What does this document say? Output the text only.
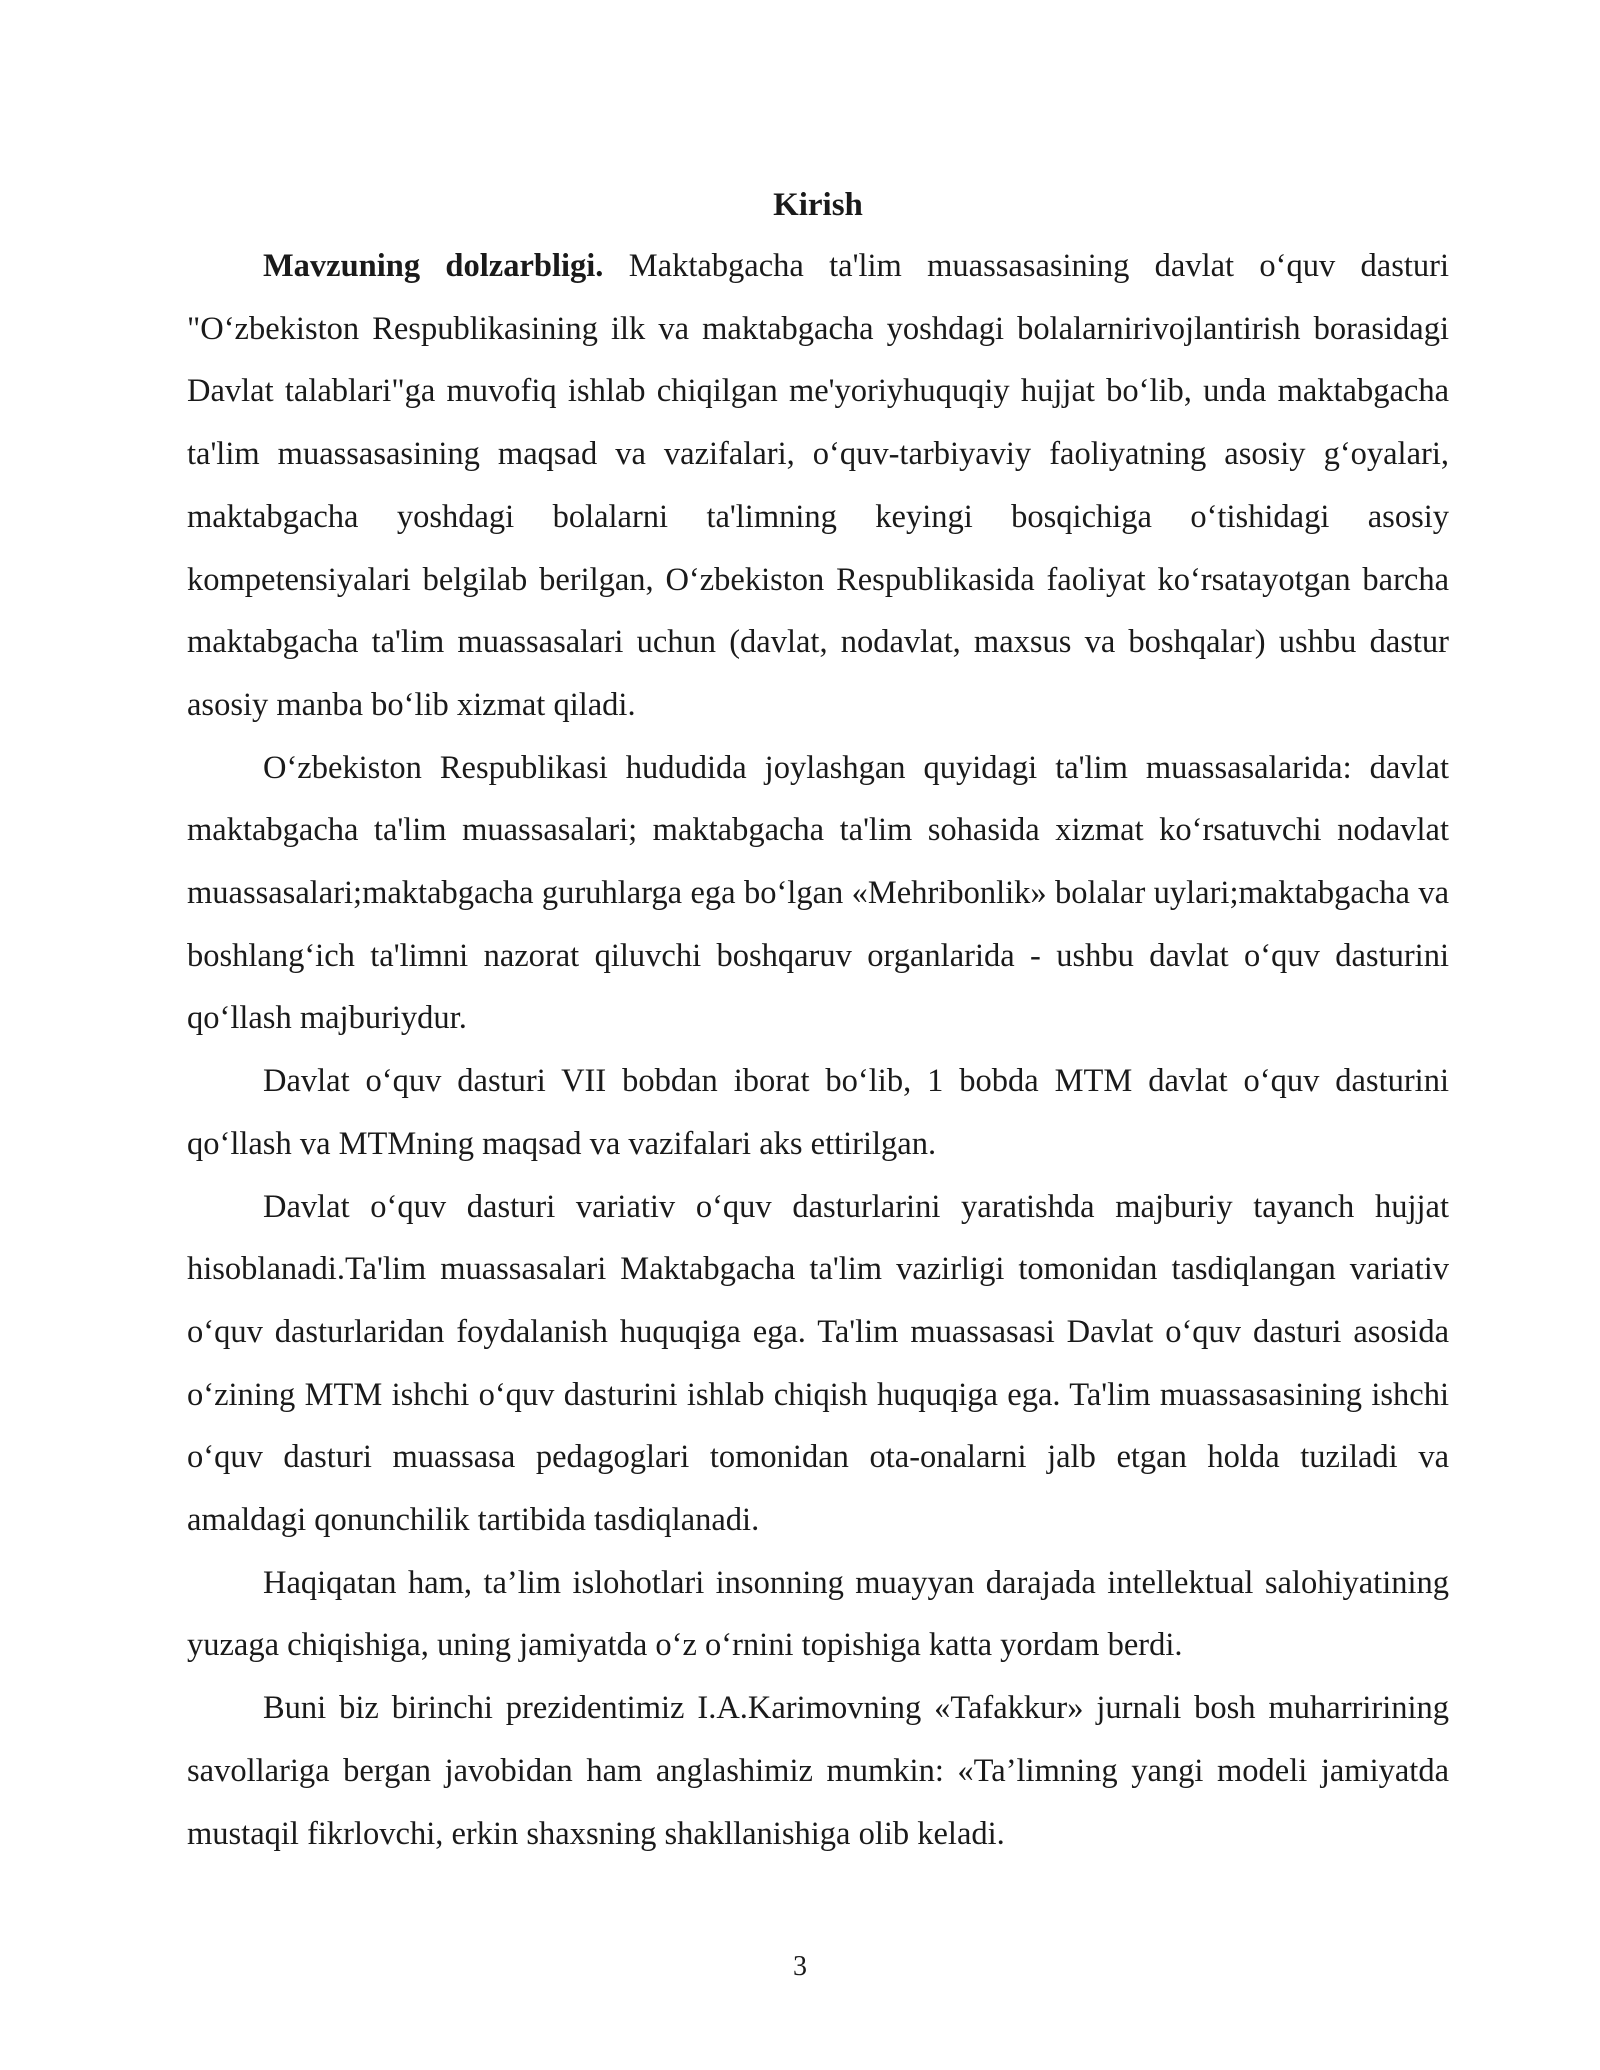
Kirish

Mavzuning dolzarbligi. Maktabgacha ta'lim muassasasining davlat o‘quv dasturi "O‘zbekiston Respublikasining ilk va maktabgacha yoshdagi bolalarnirivojlantirish borasidagi Davlat talablari"ga muvofiq ishlab chiqilgan me'yoriyhuquqiy hujjat bo‘lib, unda maktabgacha ta'lim muassasasining maqsad va vazifalari, o‘quv-tarbiyaviy faoliyatning asosiy g‘oyalari, maktabgacha yoshdagi bolalarni ta'limning keyingi bosqichiga o‘tishidagi asosiy kompetensiyalari belgilab berilgan, O‘zbekiston Respublikasida faoliyat ko‘rsatayotgan barcha maktabgacha ta'lim muassasalari uchun (davlat, nodavlat, maxsus va boshqalar) ushbu dastur asosiy manba bo‘lib xizmat qiladi.

O‘zbekiston Respublikasi hududida joylashgan quyidagi ta'lim muassasalarida: davlat maktabgacha ta'lim muassasalari; maktabgacha ta'lim sohasida xizmat ko‘rsatuvchi nodavlat muassasalari;maktabgacha guruhlarga ega bo‘lgan «Mehribonlik» bolalar uylari;maktabgacha va boshlang‘ich ta'limni nazorat qiluvchi boshqaruv organlarida - ushbu davlat o‘quv dasturini qo‘llash majburiydur.

Davlat o‘quv dasturi VII bobdan iborat bo‘lib, 1 bobda MTM davlat o‘quv dasturini qo‘llash va MTMning maqsad va vazifalari aks ettirilgan.

Davlat o‘quv dasturi variativ o‘quv dasturlarini yaratishda majburiy tayanch hujjat hisoblanadi.Ta'lim muassasalari Maktabgacha ta'lim vazirligi tomonidan tasdiqlangan variativ o‘quv dasturlaridan foydalanish huquqiga ega. Ta'lim muassasasi Davlat o‘quv dasturi asosida o‘zining MTM ishchi o‘quv dasturini ishlab chiqish huquqiga ega. Ta'lim muassasasining ishchi o‘quv dasturi muassasa pedagoglari tomonidan ota-onalarni jalb etgan holda tuziladi va amaldagi qonunchilik tartibida tasdiqlanadi.

Haqiqatan ham, ta’lim islohotlari insonning muayyan darajada intellektual salohiyatining yuzaga chiqishiga, uning jamiyatda o‘z o‘rnini topishiga katta yordam berdi.

Buni biz birinchi prezidentimiz I.A.Karimovning «Tafakkur» jurnali bosh muharririning savollariga bergan javobidan ham anglashimiz mumkin: «Ta’limning yangi modeli jamiyatda mustaqil fikrlovchi, erkin shaxsning shakllanishiga olib keladi.

3
